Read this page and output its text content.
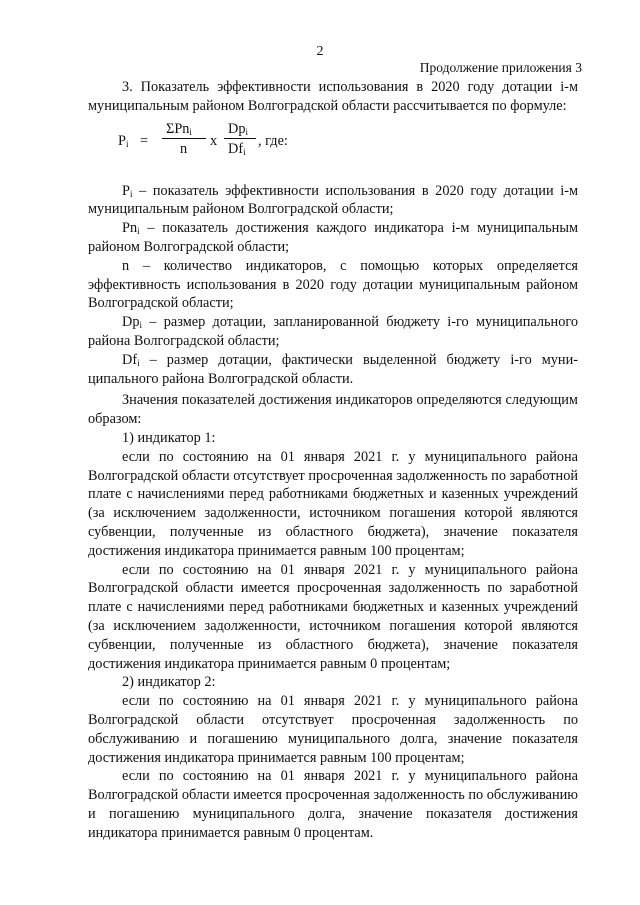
2
Продолжение приложения 3

3. Показатель эффективности использования в 2020 году дотации i-м муниципальным районом Волгоградской области рассчитывается по формуле:

$P_i$ =
ΣPn$_i$
n x
$Dp_i$
$Df_i$
, где:

$P_i$ – показатель эффективности использования в 2020 году дотации i-м муниципальным районом Волгоградской области;

$Pn_i$ – показатель достижения каждого индикатора i-м муниципальным районом Волгоградской области;

n – количество индикаторов, с помощью которых определяется эффективность использования в 2020 году дотации муниципальным районом Волгоградской области;

$Dp_i$ – размер дотации, запланированной бюджету i-го муниципального района Волгоградской области;

$Df_i$ – размер дотации, фактически выделенной бюджету i-го муни-ципального района Волгоградской области.

Значения показателей достижения индикаторов определяются следующим образом:

1) индикатор 1:

если по состоянию на 01 января 2021 г. у муниципального района Волгоградской области отсутствует просроченная задолженность по заработной плате с начислениями перед работниками бюджетных и казенных учреждений (за исключением задолженности, источником погашения которой являются субвенции, полученные из областного бюджета), значение показателя достижения индикатора принимается равным 100 процентам;

если по состоянию на 01 января 2021 г. у муниципального района Волгоградской области имеется просроченная задолженность по заработной плате с начислениями перед работниками бюджетных и казенных учреждений (за исключением задолженности, источником погашения которой являются субвенции, полученные из областного бюджета), значение показателя достижения индикатора принимается равным 0 процентам;

2) индикатор 2:

если по состоянию на 01 января 2021 г. у муниципального района Волгоградской области отсутствует просроченная задолженность по обслуживанию и погашению муниципального долга, значение показателя достижения индикатора принимается равным 100 процентам;

если по состоянию на 01 января 2021 г. у муниципального района Волгоградской области имеется просроченная задолженность по обслуживанию и погашению муниципального долга, значение показателя достижения индикатора принимается равным 0 процентам.
